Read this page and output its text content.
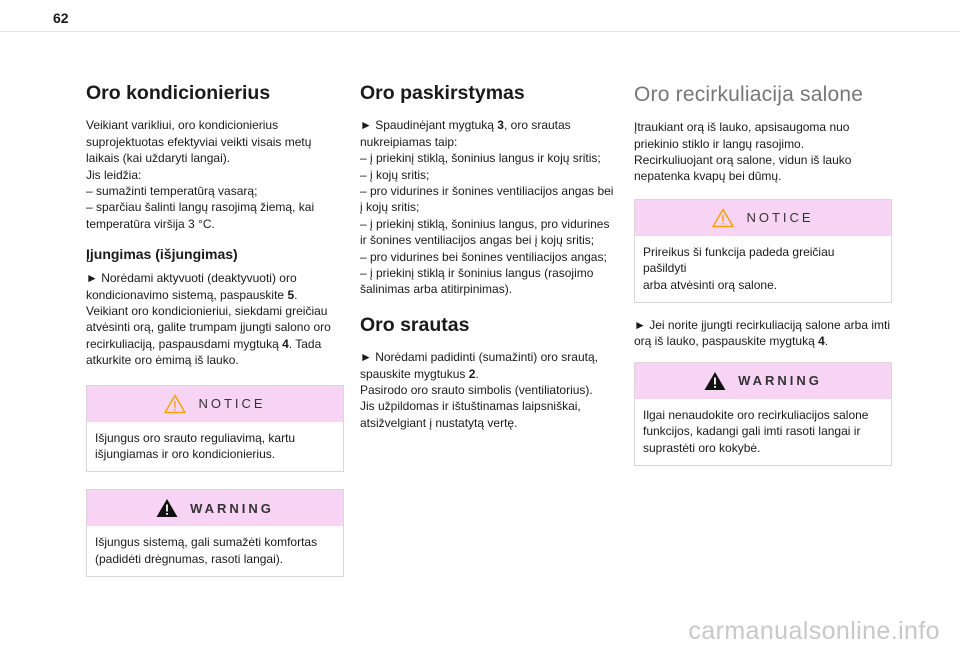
62
Oro kondicionierius
Veikiant varikliui, oro kondicionierius
suprojektuotas efektyviai veikti visais metų
laikais (kai uždaryti langai).
Jis leidžia:
– sumažinti temperatūrą vasarą;
– sparčiau šalinti langų rasojimą žiemą, kai
temperatūra viršija 3 °C.
Įjungimas (išjungimas)
► Norėdami aktyvuoti (deaktyvuoti) oro
kondicionavimo sistemą, paspauskite 5.
Veikiant oro kondicionieriui, siekdami greičiau
atvėsinti orą, galite trumpam įjungti salono oro
recirkuliaciją, paspausdami mygtuką 4. Tada
atkurkite oro ėmimą iš lauko.
NOTICE
Išjungus oro srauto reguliavimą, kartu
išjungiamas ir oro kondicionierius.
WARNING
Išjungus sistemą, gali sumažėti komfortas
(padidėti drėgnumas, rasoti langai).
Oro paskirstymas
► Spaudinėjant mygtuką 3, oro srautas
nukreipiamas taip:
– į priekinį stiklą, šoninius langus ir kojų sritis;
– į kojų sritis;
– pro vidurines ir šonines ventiliacijos angas bei
į kojų sritis;
– į priekinį stiklą, šoninius langus, pro vidurines
ir šonines ventiliacijos angas bei į kojų sritis;
– pro vidurines bei šonines ventiliacijos angas;
– į priekinį stiklą ir šoninius langus (rasojimo
šalinimas arba atitirpinimas).
Oro srautas
► Norėdami padidinti (sumažinti) oro srautą,
spauskite mygtukus 2.
Pasirodo oro srauto simbolis (ventiliatorius).
Jis užpildomas ir ištuštinamas laipsniškai,
atsižvelgiant į nustatytą vertę.
Oro recirkuliacija salone
Įtraukiant orą iš lauko, apsisaugoma nuo
priekinio stiklo ir langų rasojimo.
Recirkuliuojant orą salone, vidun iš lauko
nepatenka kvapų bei dūmų.
NOTICE
Prireikus ši funkcija padeda greičiau pašildyti
arba atvėsinti orą salone.
► Jei norite įjungti recirkuliaciją salone arba imti
orą iš lauko, paspauskite mygtuką 4.
WARNING
Ilgai nenaudokite oro recirkuliacijos salone
funkcijos, kadangi gali imti rasoti langai ir
suprastėti oro kokybė.
carmanualsonline.info
